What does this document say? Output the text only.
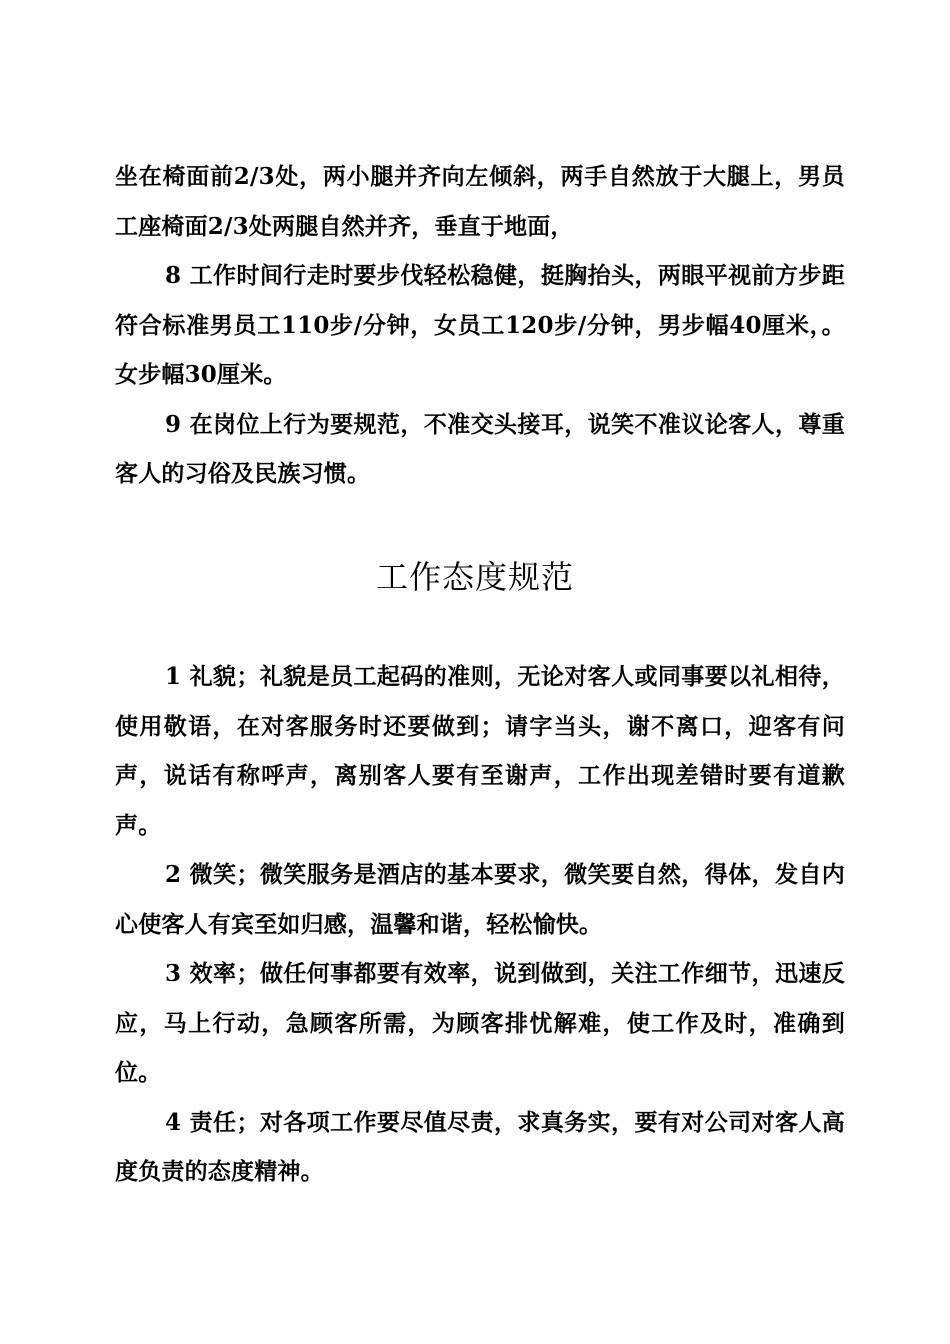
坐在椅面前2/3处，两小腿并齐向左倾斜，两手自然放于大腿上，男员工座椅面2/3处两腿自然并齐，垂直于地面，

8 工作时间行走时要步伐轻松稳健，挺胸抬头，两眼平视前方步距符合标准男员工110步/分钟，女员工120步/分钟，男步幅40厘米，。女步幅30厘米。

9 在岗位上行为要规范，不准交头接耳，说笑不准议论客人，尊重客人的习俗及民族习惯。

工作态度规范

1 礼貌；礼貌是员工起码的准则，无论对客人或同事要以礼相待，使用敬语，在对客服务时还要做到；请字当头，谢不离口，迎客有问声，说话有称呼声，离别客人要有至谢声，工作出现差错时要有道歉声。

2 微笑；微笑服务是酒店的基本要求，微笑要自然，得体，发自内心使客人有宾至如归感，温馨和谐，轻松愉快。

3 效率；做任何事都要有效率，说到做到，关注工作细节，迅速反应，马上行动，急顾客所需，为顾客排忧解难，使工作及时，准确到位。

4 责任；对各项工作要尽值尽责，求真务实，要有对公司对客人高度负责的态度精神。
